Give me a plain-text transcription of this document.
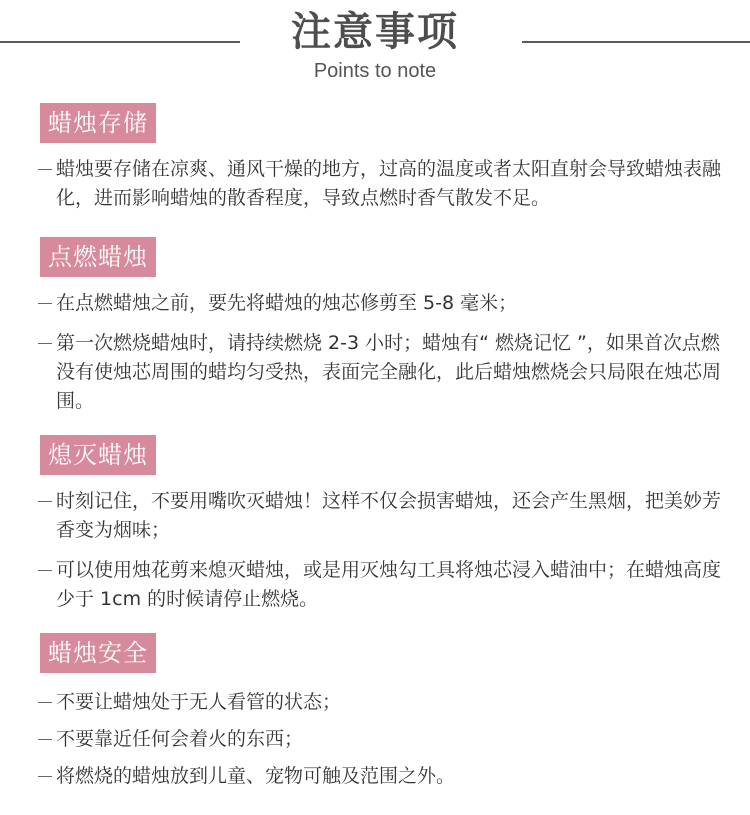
注意事项
Points to note
蜡烛存储
蜡烛要存储在凉爽、通风干燥的地方，过高的温度或者太阳直射会导致蜡烛表融化，进而影响蜡烛的散香程度，导致点燃时香气散发不足。
点燃蜡烛
在点燃蜡烛之前，要先将蜡烛的烛芯修剪至 5-8 毫米；
第一次燃烧蜡烛时，请持续燃烧 2-3 小时；蜡烛有“ 燃烧记忆 ”，如果首次点燃没有使烛芯周围的蜡均匀受热，表面完全融化，此后蜡烛燃烧会只局限在烛芯周围。
熄灭蜡烛
时刻记住，不要用嘴吹灭蜡烛！这样不仅会损害蜡烛，还会产生黑烟，把美妙芳香变为烟味；
可以使用烛花剪来熄灭蜡烛，或是用灭烛勾工具将烛芯浸入蜡油中；在蜡烛高度少于 1cm 的时候请停止燃烧。
蜡烛安全
不要让蜡烛处于无人看管的状态；
不要靠近任何会着火的东西；
将燃烧的蜡烛放到儿童、宠物可触及范围之外。
